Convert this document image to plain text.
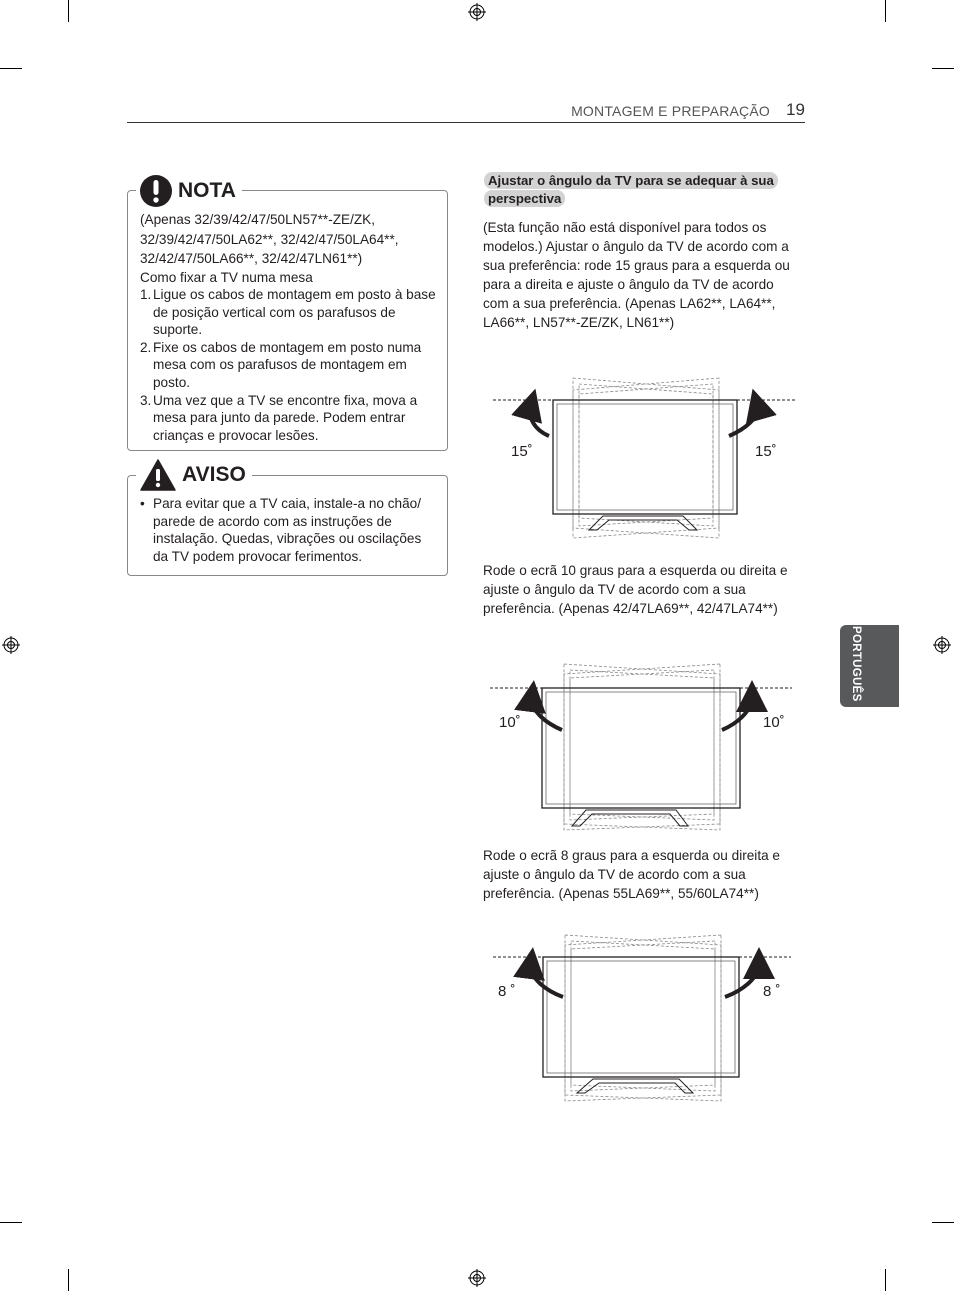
MONTAGEM E PREPARAÇÃO 19
NOTA
(Apenas 32/39/42/47/50LN57**-ZE/ZK, 32/39/42/47/50LA62**, 32/42/47/50LA64**, 32/42/47/50LA66**, 32/42/47LN61**)
Como fixar a TV numa mesa
1. Ligue os cabos de montagem em posto à base de posição vertical com os parafusos de suporte.
2. Fixe os cabos de montagem em posto numa mesa com os parafusos de montagem em posto.
3. Uma vez que a TV se encontre fixa, mova a mesa para junto da parede. Podem entrar crianças e provocar lesões.
AVISO
• Para evitar que a TV caia, instale-a no chão/ parede de acordo com as instruções de instalação. Quedas, vibrações ou oscilações da TV podem provocar ferimentos.
Ajustar o ângulo da TV para se adequar à sua perspectiva
(Esta função não está disponível para todos os modelos.) Ajustar o ângulo da TV de acordo com a sua preferência: rode 15 graus para a esquerda ou para a direita e ajuste o ângulo da TV de acordo com a sua preferência. (Apenas LA62**, LA64**, LA66**, LN57**-ZE/ZK, LN61**)
Rode o ecrã 10 graus para a esquerda ou direita e ajuste o ângulo da TV de acordo com a sua preferência. (Apenas 42/47LA69**, 42/47LA74**)
Rode o ecrã 8 graus para a esquerda ou direita e ajuste o ângulo da TV de acordo com a sua preferência. (Apenas 55LA69**, 55/60LA74**)
15˚	15˚
10˚	10˚
8 ˚	8 ˚
PORTUGUÊS
